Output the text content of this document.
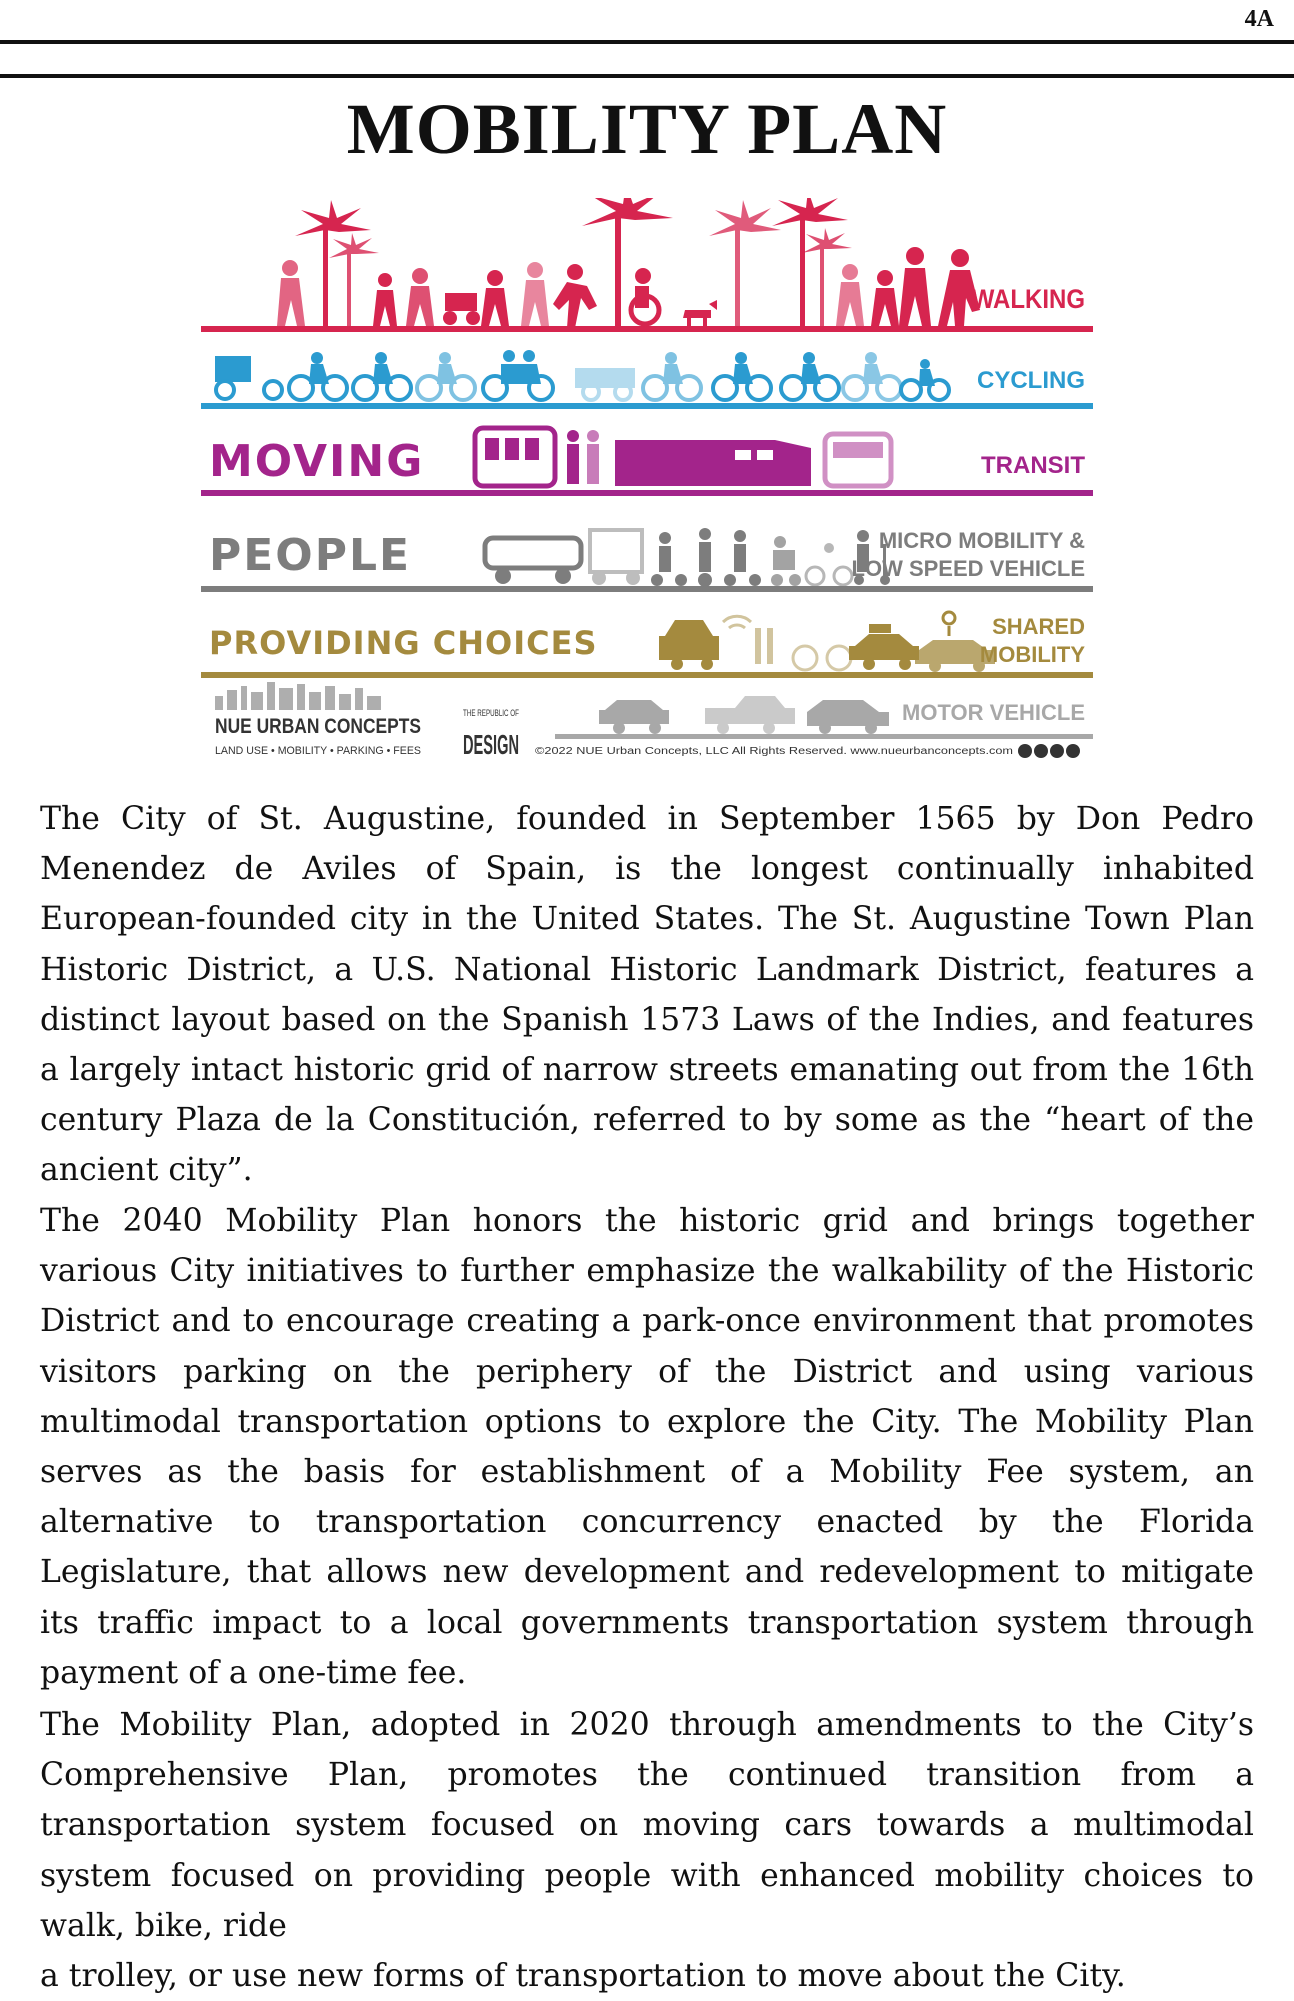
4A
MOBILITY PLAN
WALKING
CYCLING
MOVING	TRANSIT
PEOPLE	MICRO MOBILITY &
LOW SPEED VEHICLE
PROVIDING CHOICES	SHARED
MOBILITY
MOTOR VEHICLE
NUE URBAN CONCEPTS
LAND USE • MOBILITY • PARKING • FEES
THE REPUBLIC OF
DESIGN ©2022 NUE Urban Concepts, LLC All Rights Reserved. www.nueurbanconcepts.com

The City of St. Augustine, founded in September 1565 by Don Pedro Menendez de Aviles of Spain, is the longest continually inhabited European-founded city in the United States. The St. Augustine Town Plan Historic District, a U.S. National Historic Landmark District, features a distinct layout based on the Spanish 1573 Laws of the Indies, and features a largely intact historic grid of narrow streets emanating out from the 16th century Plaza de la Constitución, referred to by some as the “heart of the ancient city”.

The 2040 Mobility Plan honors the historic grid and brings together various City initiatives to further emphasize the walkability of the Historic District and to encourage creating a park-once environment that promotes visitors parking on the periphery of the District and using various multimodal transportation options to explore the City. The Mobility Plan serves as the basis for establishment of a Mobility Fee system, an alternative to transportation concurrency enacted by the Florida Legislature, that allows new development and redevelopment to mitigate its traffic impact to a local governments transportation system through payment of a one-time fee.

The Mobility Plan, adopted in 2020 through amendments to the City’s Comprehensive Plan, promotes the continued transition from a transportation system focused on moving cars towards a multimodal system focused on providing people with enhanced mobility choices to walk, bike, ride
a trolley, or use new forms of transportation to move about the City.
